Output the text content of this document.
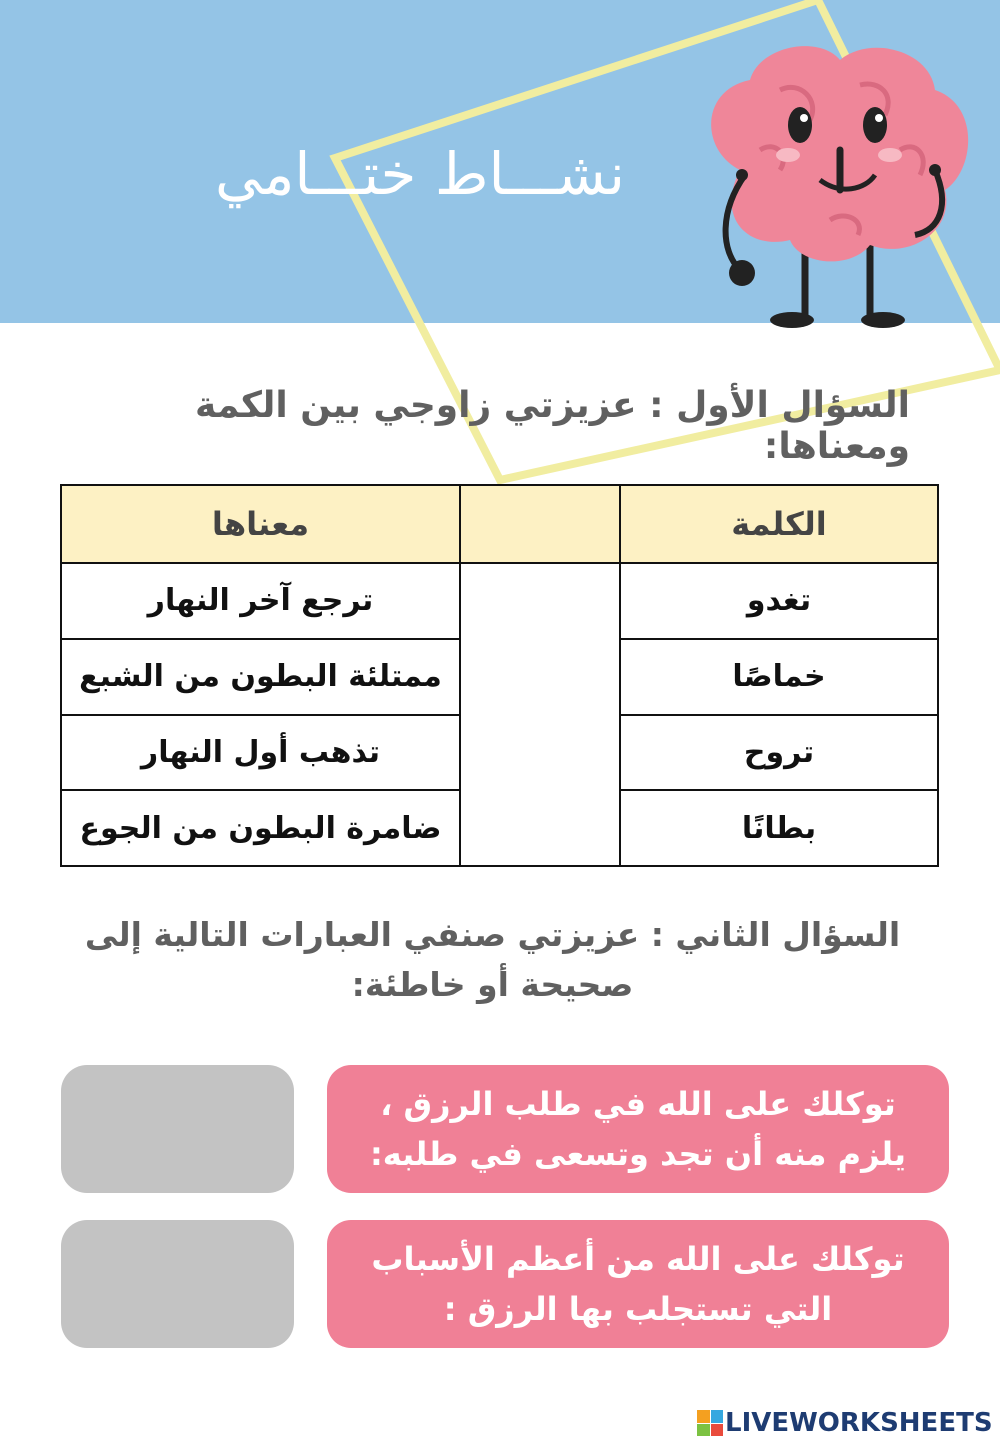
نشـــاط ختـــامي
السؤال الأول : عزيزتي زاوجي بين الكمة ومعناها:
الكلمة		معناها
تغدو		ترجع آخر النهار
خماصًا		ممتلئة البطون من الشبع
تروح		تذهب أول النهار
بطانًا		ضامرة البطون من الجوع
السؤال الثاني : عزيزتي صنفي العبارات التالية إلى صحيحة أو خاطئة:
توكلك على الله في طلب الرزق ، يلزم منه أن تجد وتسعى في طلبه:
توكلك على الله من أعظم الأسباب التي تستجلب بها الرزق :
LIVEWORKSHEETS
